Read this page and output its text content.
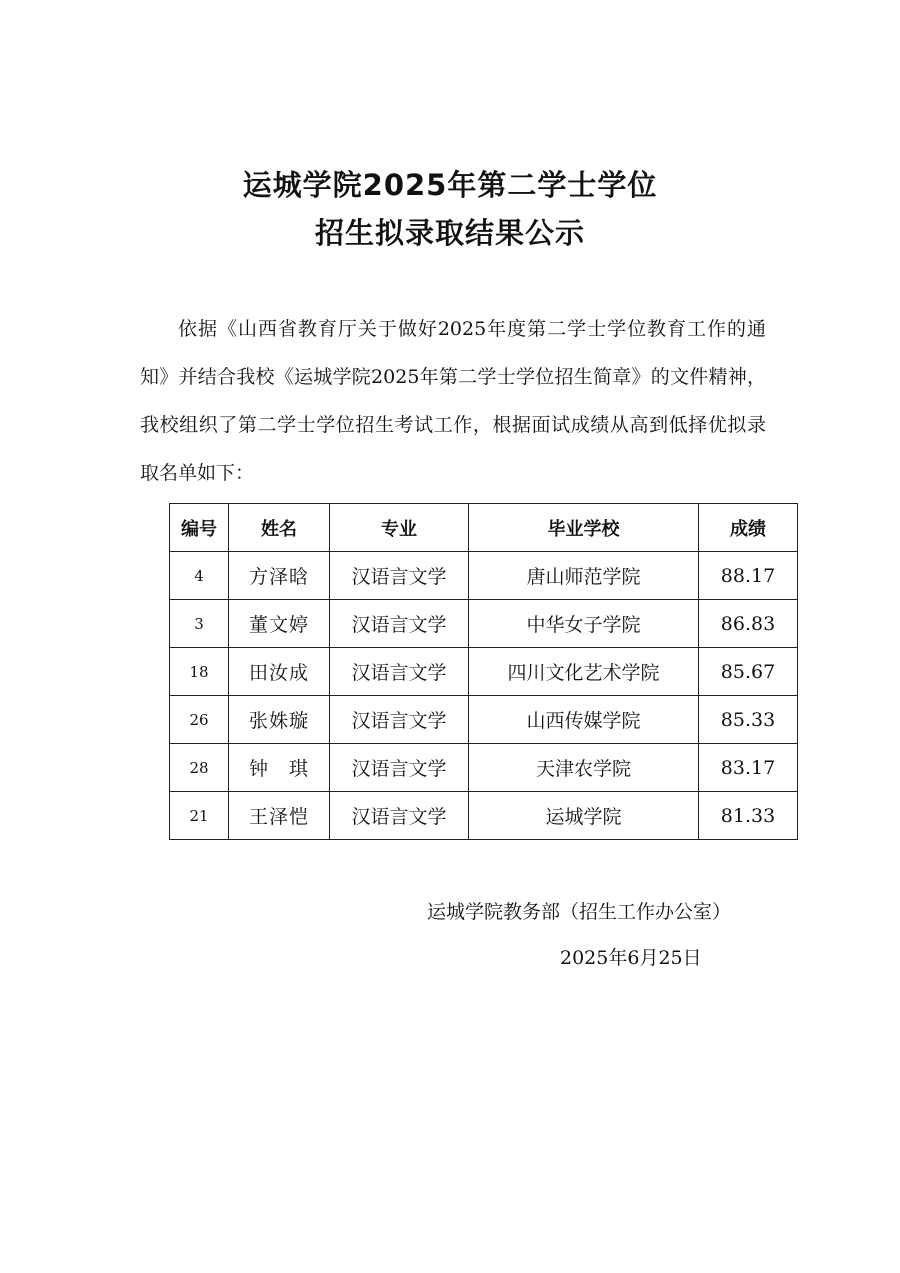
运城学院2025年第二学士学位
招生拟录取结果公示
依据《山西省教育厅关于做好2025年度第二学士学位教育工作的通知》并结合我校《运城学院2025年第二学士学位招生简章》的文件精神，我校组织了第二学士学位招生考试工作，根据面试成绩从高到低择优拟录取名单如下：
编号	姓名	专业	毕业学校	成绩
4	方泽晗	汉语言文学	唐山师范学院	88.17
3	董文婷	汉语言文学	中华女子学院	86.83
18	田汝成	汉语言文学	四川文化艺术学院	85.67
26	张姝璇	汉语言文学	山西传媒学院	85.33
28	钟　琪	汉语言文学	天津农学院	83.17
21	王泽恺	汉语言文学	运城学院	81.33
运城学院教务部（招生工作办公室）
2025年6月25日
